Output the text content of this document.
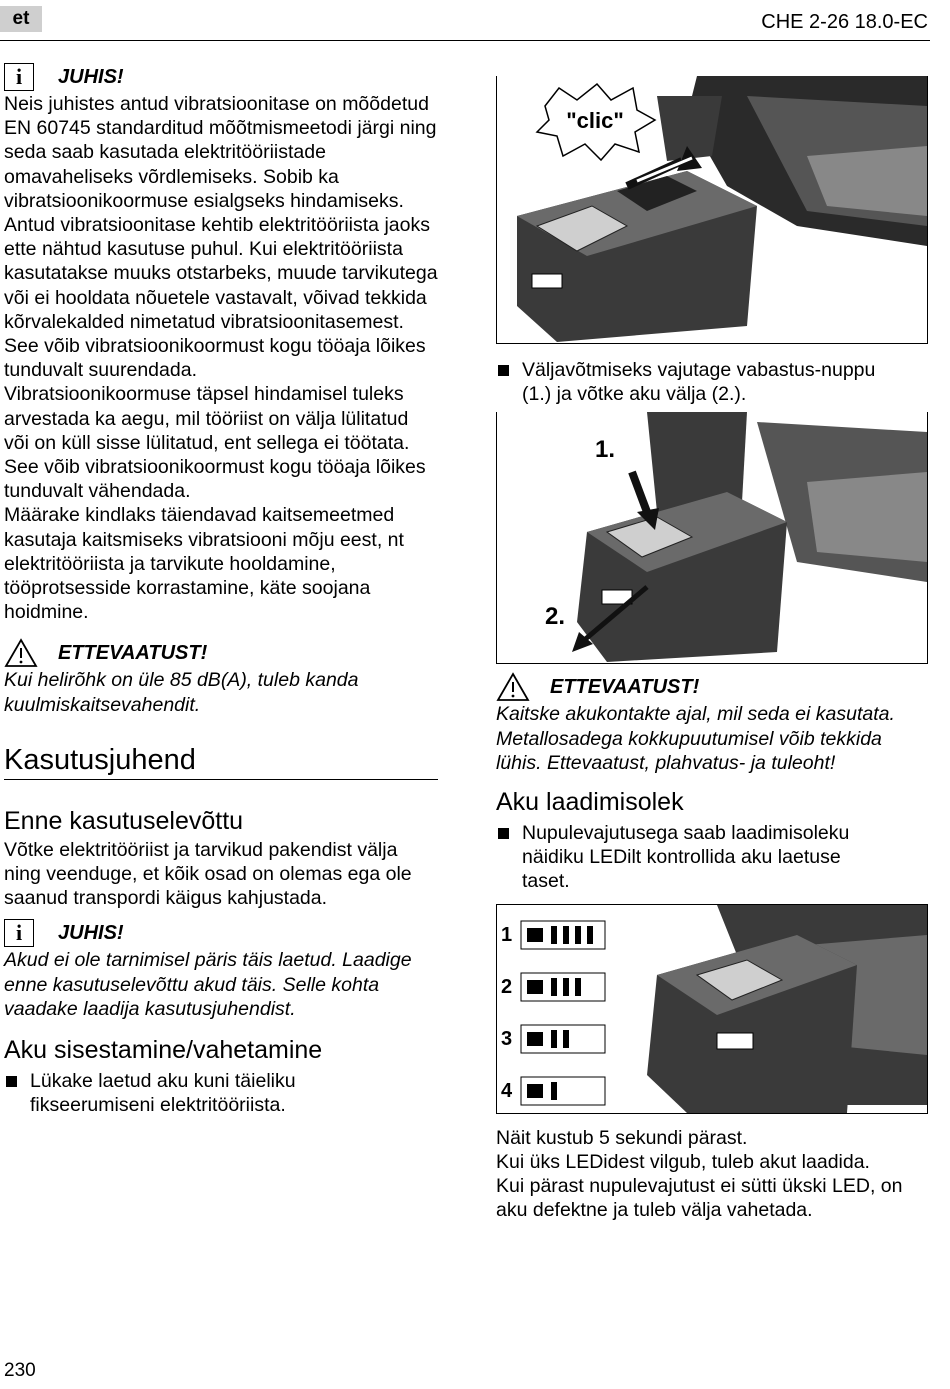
et	CHE 2-26 18.0-EC
i	JUHIS!

Neis juhistes antud vibratsioonitase on mõõdetud EN 60745 standarditud mõõtmismeetodi järgi ning seda saab kasutada elektritööriistade omavaheliseks võrdlemiseks. Sobib ka vibratsioonikoormuse esialgseks hindamiseks.

Antud vibratsioonitase kehtib elektritööriista jaoks ette nähtud kasutuse puhul. Kui elektritööriista kasutatakse muuks otstarbeks, muude tarvikutega või ei hooldata nõuetele vastavalt, võivad tekkida kõrvalekalded nimetatud vibratsioonitasemest. See võib vibratsioonikoormust kogu tööaja lõikes tunduvalt suurendada.

Vibratsioonikoormuse täpsel hindamisel tuleks arvestada ka aegu, mil tööriist on välja lülitatud või on küll sisse lülitatud, ent sellega ei töötata. See võib vibratsioonikoormust kogu tööaja lõikes tunduvalt vähendada.

Määrake kindlaks täiendavad kaitsemeetmed kasutaja kaitsmiseks vibratsiooni mõju eest, nt elektritööriista ja tarvikute hooldamine, tööprotsesside korrastamine, käte soojana hoidmine.

ETTEVAATUST!

Kui helirõhk on üle 85 dB(A), tuleb kanda kuulmiskaitsevahendit.

Kasutusjuhend
Enne kasutuselevõttu

Võtke elektritööriist ja tarvikud pakendist välja ning veenduge, et kõik osad on olemas ega ole saanud transpordi käigus kahjustada.

i	JUHIS!

Akud ei ole tarnimisel päris täis laetud. Laadige enne kasutuselevõttu akud täis. Selle kohta vaadake laadija kasutusjuhendist.

Aku sisestamine/vahetamine
Lükake laetud aku kuni täieliku fikseerumiseni elektritööriista.
"clic"
Väljavõtmiseks vajutage vabastus-nuppu (1.) ja võtke aku välja (2.).
1.
2.
ETTEVAATUST!

Kaitske akukontakte ajal, mil seda ei kasutata. Metallosadega kokkupuutumisel võib tekkida lühis. Ettevaatust, plahvatus- ja tuleoht!

Aku laadimisolek
Nupulevajutusega saab laadimisoleku näidiku LEDilt kontrollida aku laetuse taset.
1
2
3
4

Näit kustub 5 sekundi pärast.

Kui üks LEDidest vilgub, tuleb akut laadida.

Kui pärast nupulevajutust ei sütti ükski LED, on aku defektne ja tuleb välja vahetada.

230
